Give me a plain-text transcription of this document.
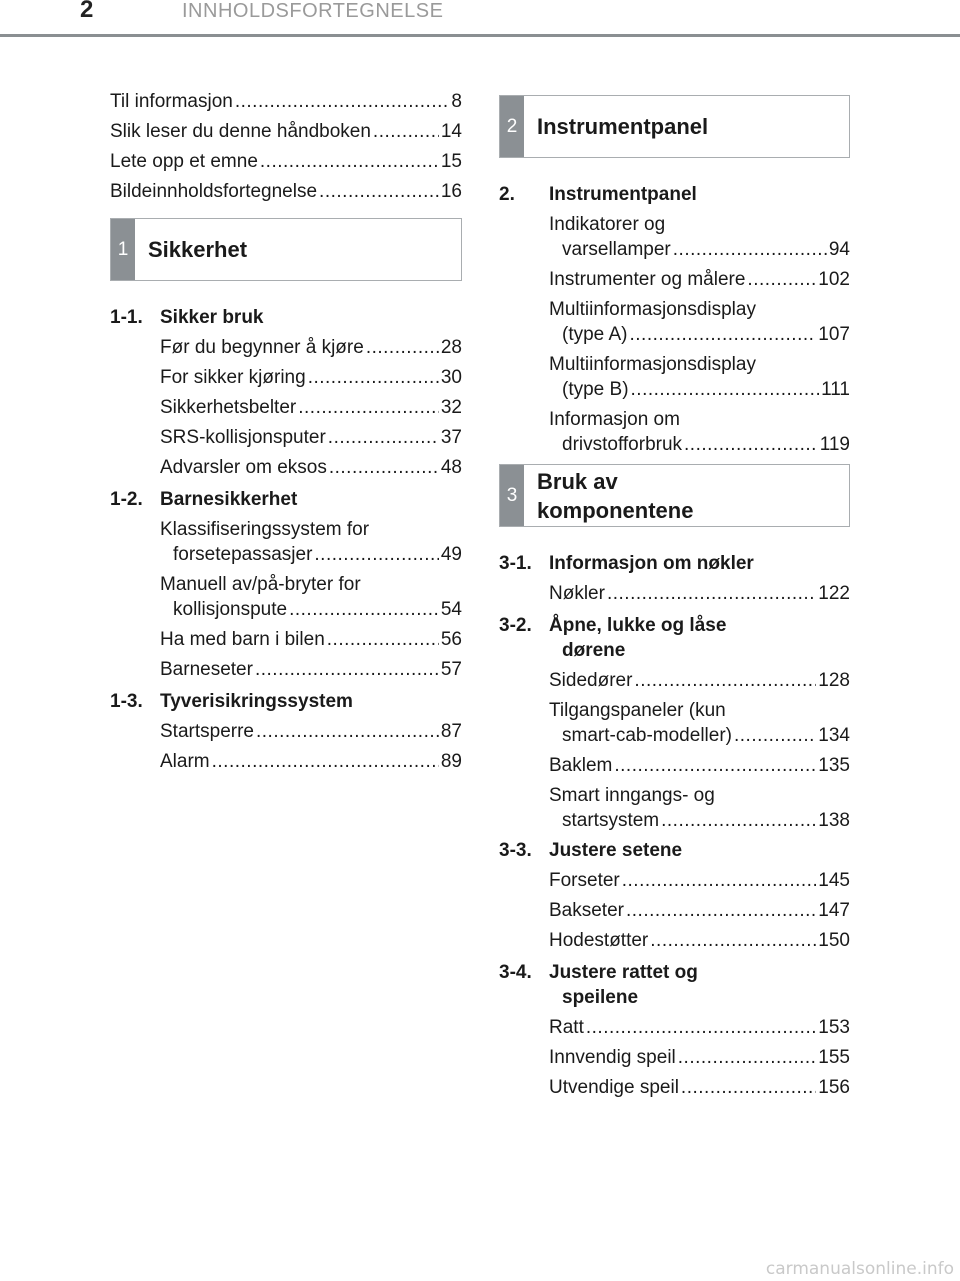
2	INNHOLDSFORTEGNELSE
Til informasjon .....	8
Slik leser du denne håndboken .....	14
Lete opp et emne .....	15
Bildeinnholdsfortegnelse .....	16
1 Sikkerhet
1-1. Sikker bruk
Før du begynner å kjøre .....	28
For sikker kjøring .....	30
Sikkerhetsbelter .....	32
SRS-kollisjonsputer .....	37
Advarsler om eksos .....	48
1-2. Barnesikkerhet
Klassifiseringssystem for
forsetepassasjer .....	49
Manuell av/på-bryter for
kollisjonspute .....	54
Ha med barn i bilen .....	56
Barneseter .....	57
1-3. Tyverisikringssystem
Startsperre .....	87
Alarm .....	89
2 Instrumentpanel
2.	Instrumentpanel
Indikatorer og
varsellamper .....	94
Instrumenter og målere .....	102
Multiinformasjonsdisplay
(type A) .....	107
Multiinformasjonsdisplay
(type B) .....	111
Informasjon om
drivstofforbruk .....	119
3
Bruk av
komponentene
3-1. Informasjon om nøkler
Nøkler .....	122
3-2. Åpne, lukke og låse
dørene
Sidedører .....	128
Tilgangspaneler (kun
smart-cab-modeller) .....	134
Baklem .....	135
Smart inngangs- og
startsystem .....	138
3-3. Justere setene
Forseter .....	145
Bakseter .....	147
Hodestøtter .....	150
3-4. Justere rattet og
speilene
Ratt .....	153
Innvendig speil .....	155
Utvendige speil .....	156
carmanualsonline.info
